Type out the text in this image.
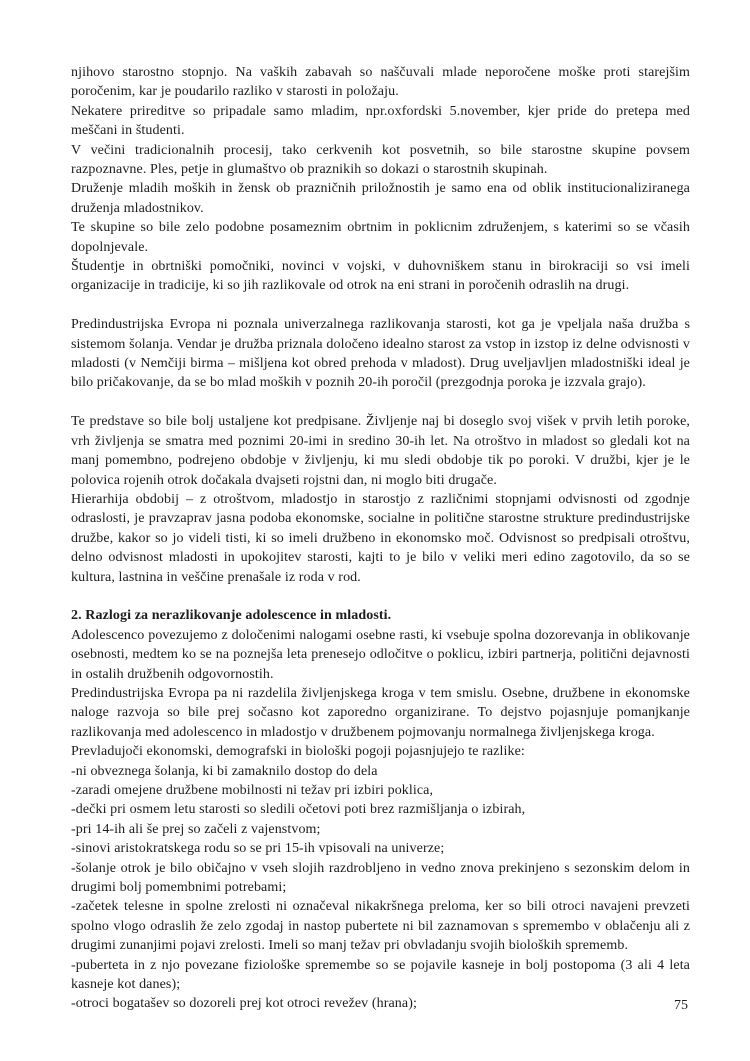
njihovo starostno stopnjo. Na vaških zabavah so naščuvali mlade neporočene moške proti starejšim poročenim, kar je poudarilo razliko v starosti in položaju.

Nekatere prireditve so pripadale samo mladim, npr.oxfordski 5.november, kjer pride do pretepa med meščani in študenti.

V večini tradicionalnih procesij, tako cerkvenih kot posvetnih, so bile starostne skupine povsem razpoznavne. Ples, petje in glumaštvo ob praznikih so dokazi o starostnih skupinah.

Druženje mladih moških in žensk ob prazničnih priložnostih je samo ena od oblik institucionaliziranega druženja mladostnikov.

Te skupine so bile zelo podobne posameznim obrtnim in poklicnim združenjem, s katerimi so se včasih dopolnjevale.

Študentje in obrtniški pomočniki, novinci v vojski, v duhovniškem stanu in birokraciji so vsi imeli organizacije in tradicije, ki so jih razlikovale od otrok na eni strani in poročenih odraslih na drugi.

Predindustrijska Evropa ni poznala univerzalnega razlikovanja starosti, kot ga je vpeljala naša družba s sistemom šolanja. Vendar je družba priznala določeno idealno starost za vstop in izstop iz delne odvisnosti v mladosti (v Nemčiji birma – mišljena kot obred prehoda v mladost). Drug uveljavljen mladostniški ideal je bilo pričakovanje, da se bo mlad moških v poznih 20-ih poročil (prezgodnja poroka je izzvala grajo).

Te predstave so bile bolj ustaljene kot predpisane. Življenje naj bi doseglo svoj višek v prvih letih poroke, vrh življenja se smatra med poznimi 20-imi in sredino 30-ih let. Na otroštvo in mladost so gledali kot na manj pomembno, podrejeno obdobje v življenju, ki mu sledi obdobje tik po poroki. V družbi, kjer je le polovica rojenih otrok dočakala dvajseti rojstni dan, ni moglo biti drugače.

Hierarhija obdobij – z otroštvom, mladostjo in starostjo z različnimi stopnjami odvisnosti od zgodnje odraslosti, je pravzaprav jasna podoba ekonomske, socialne in politične starostne strukture predindustrijske družbe, kakor so jo videli tisti, ki so imeli družbeno in ekonomsko moč. Odvisnost so predpisali otroštvu, delno odvisnost mladosti in upokojitev starosti, kajti to je bilo v veliki meri edino zagotovilo, da so se kultura, lastnina in veščine prenašale iz roda v rod.

2. Razlogi za nerazlikovanje adolescence in mladosti.

Adolescenco povezujemo z določenimi nalogami osebne rasti, ki vsebuje spolna dozorevanja in oblikovanje osebnosti, medtem ko se na poznejša leta prenesejo odločitve o poklicu, izbiri partnerja, politični dejavnosti in ostalih družbenih odgovornostih.

Predindustrijska Evropa pa ni razdelila življenjskega kroga v tem smislu. Osebne, družbene in ekonomske naloge razvoja so bile prej sočasno kot zaporedno organizirane. To dejstvo pojasnjuje pomanjkanje razlikovanja med adolescenco in mladostjo v družbenem pojmovanju normalnega življenjskega kroga.

Prevladujoči ekonomski, demografski in biološki pogoji pojasnjujejo te razlike:

-ni obveznega šolanja, ki bi zamaknilo dostop do dela

-zaradi omejene družbene mobilnosti ni težav pri izbiri poklica,

-dečki pri osmem letu starosti so sledili očetovi poti brez razmišljanja o izbirah,

-pri 14-ih ali še prej so začeli z vajenstvom;

-sinovi aristokratskega rodu so se pri 15-ih vpisovali na univerze;

-šolanje otrok je bilo običajno v vseh slojih razdrobljeno in vedno znova prekinjeno s sezonskim delom in drugimi bolj pomembnimi potrebami;

-začetek telesne in spolne zrelosti ni označeval nikakršnega preloma, ker so bili otroci navajeni prevzeti spolno vlogo odraslih že zelo zgodaj in nastop pubertete ni bil zaznamovan s spremembo v oblačenju ali z drugimi zunanjimi pojavi zrelosti. Imeli so manj težav pri obvladanju svojih bioloških sprememb.

-puberteta in z njo povezane fiziološke spremembe so se pojavile kasneje in bolj postopoma (3 ali 4 leta kasneje kot danes);

-otroci bogatašev so dozoreli prej kot otroci revežev (hrana);	75
